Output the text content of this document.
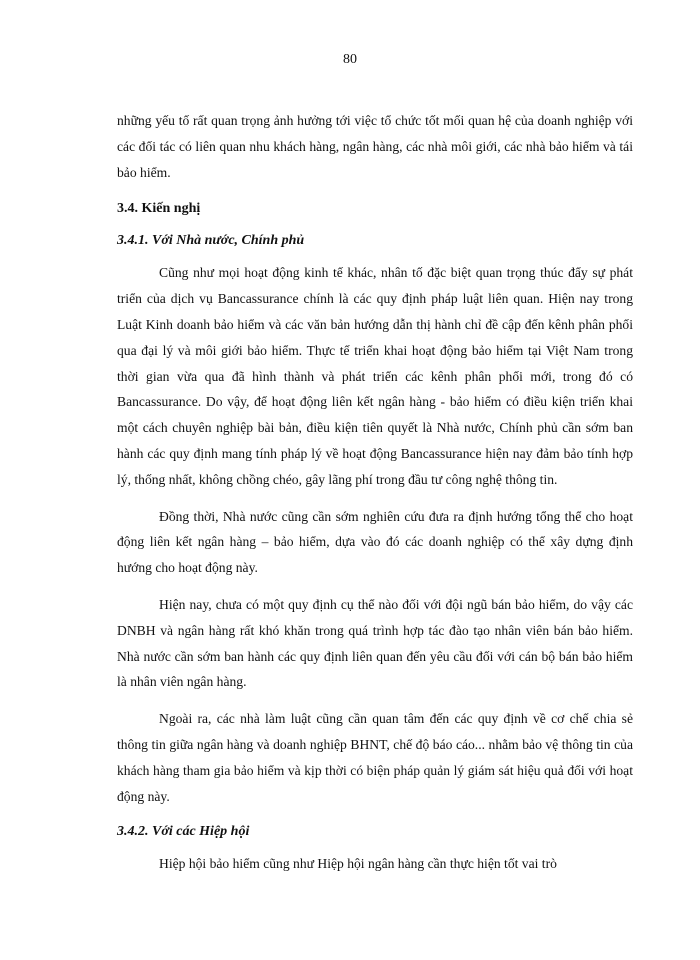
80

những yếu tố rất quan trọng ảnh hưởng tới việc tổ chức tốt mối quan hệ của doanh nghiệp với các đối tác có liên quan nhu khách hàng, ngân hàng, các nhà môi giới, các nhà bảo hiểm và tái bảo hiểm.

3.4. Kiến nghị
3.4.1. Với Nhà nước, Chính phủ

Cũng như mọi hoạt động kinh tế khác, nhân tố đặc biệt quan trọng thúc đẩy sự phát triển của dịch vụ Bancassurance chính là các quy định pháp luật liên quan. Hiện nay trong Luật Kinh doanh bảo hiểm và các văn bản hướng dẫn thị hành chỉ đề cập đến kênh phân phối qua đại lý và môi giới bảo hiểm. Thực tế triển khai hoạt động bảo hiểm tại Việt Nam trong thời gian vừa qua đã hình thành và phát triển các kênh phân phối mới, trong đó có Bancassurance. Do vậy, để hoạt động liên kết ngân hàng - bảo hiểm có điều kiện triển khai một cách chuyên nghiệp bài bản, điều kiện tiên quyết là Nhà nước, Chính phủ cần sớm ban hành các quy định mang tính pháp lý về hoạt động Bancassurance hiện nay đảm bảo tính hợp lý, thống nhất, không chồng chéo, gây lãng phí trong đầu tư công nghệ thông tin.

Đồng thời, Nhà nước cũng cần sớm nghiên cứu đưa ra định hướng tổng thể cho hoạt động liên kết ngân hàng – bảo hiểm, dựa vào đó các doanh nghiệp có thể xây dựng định hướng cho hoạt động này.

Hiện nay, chưa có một quy định cụ thể nào đối với đội ngũ bán bảo hiểm, do vậy các DNBH và ngân hàng rất khó khăn trong quá trình hợp tác đào tạo nhân viên bán bảo hiểm. Nhà nước cần sớm ban hành các quy định liên quan đến yêu cầu đối với cán bộ bán bảo hiểm là nhân viên ngân hàng.

Ngoài ra, các nhà làm luật cũng cần quan tâm đến các quy định về cơ chế chia sẻ thông tin giữa ngân hàng và doanh nghiệp BHNT, chế độ báo cáo... nhằm bảo vệ thông tin của khách hàng tham gia bảo hiểm và kịp thời có biện pháp quản lý giám sát hiệu quả đối với hoạt động này.

3.4.2. Với các Hiệp hội

Hiệp hội bảo hiểm cũng như Hiệp hội ngân hàng cần thực hiện tốt vai trò
